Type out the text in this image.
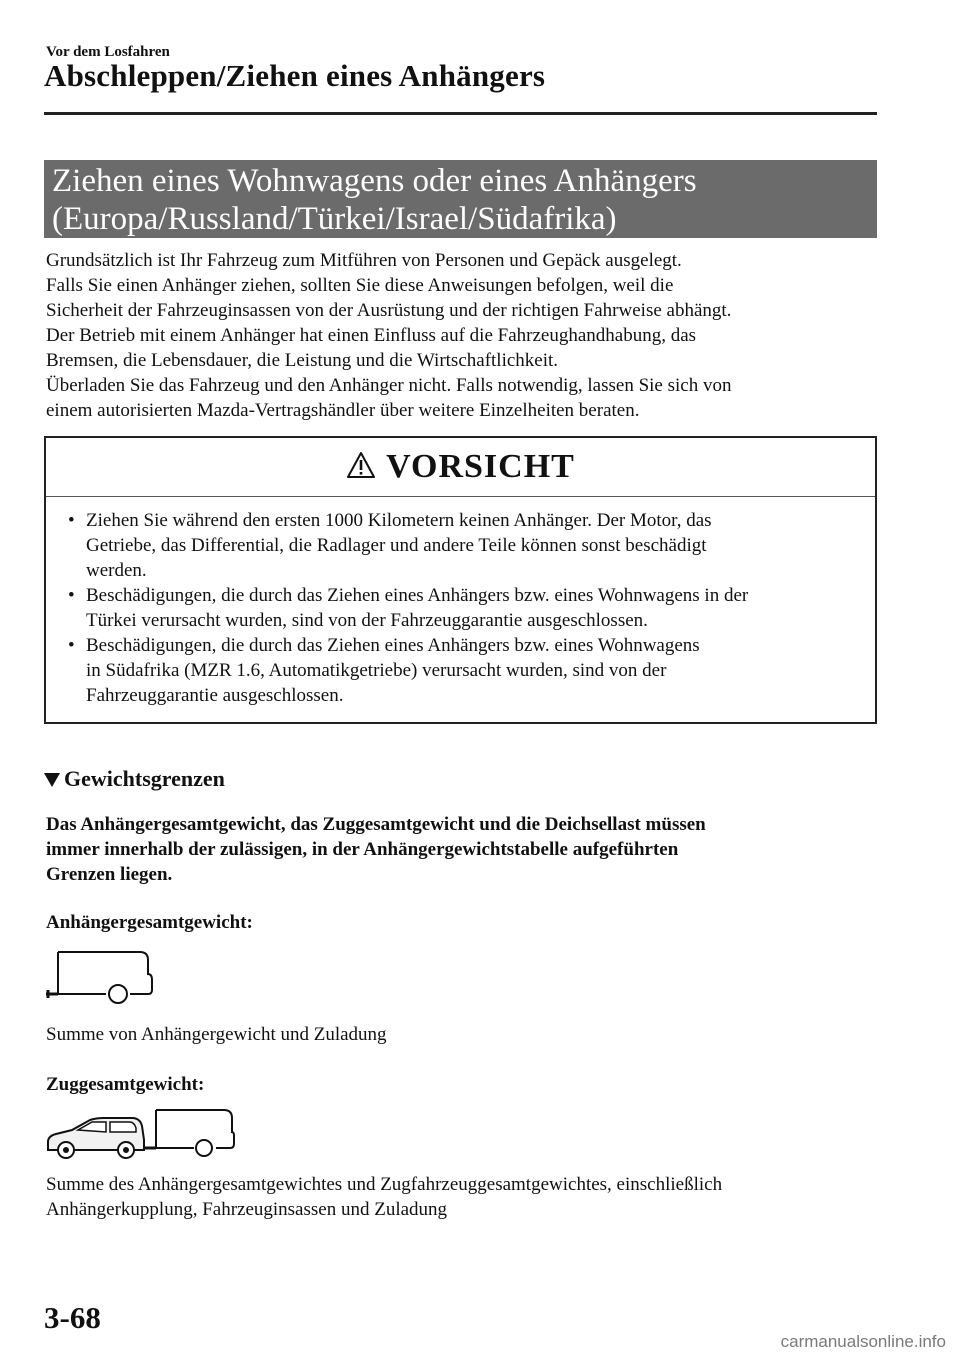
Vor dem Losfahren
Abschleppen/Ziehen eines Anhängers
Ziehen eines Wohnwagens oder eines Anhängers
(Europa/Russland/Türkei/Israel/Südafrika)

Grundsätzlich ist Ihr Fahrzeug zum Mitführen von Personen und Gepäck ausgelegt.

Falls Sie einen Anhänger ziehen, sollten Sie diese Anweisungen befolgen, weil die

Sicherheit der Fahrzeuginsassen von der Ausrüstung und der richtigen Fahrweise abhängt.

Der Betrieb mit einem Anhänger hat einen Einfluss auf die Fahrzeughandhabung, das

Bremsen, die Lebensdauer, die Leistung und die Wirtschaftlichkeit.

Überladen Sie das Fahrzeug und den Anhänger nicht. Falls notwendig, lassen Sie sich von

einem autorisierten Mazda-Vertragshändler über weitere Einzelheiten beraten.

VORSICHT
• Ziehen Sie während den ersten 1000 Kilometern keinen Anhänger. Der Motor, das
Getriebe, das Differential, die Radlager und andere Teile können sonst beschädigt
werden.
• Beschädigungen, die durch das Ziehen eines Anhängers bzw. eines Wohnwagens in der
Türkei verursacht wurden, sind von der Fahrzeuggarantie ausgeschlossen.
• Beschädigungen, die durch das Ziehen eines Anhängers bzw. eines Wohnwagens
in Südafrika (MZR 1.6, Automatikgetriebe) verursacht wurden, sind von der
Fahrzeuggarantie ausgeschlossen.
Gewichtsgrenzen
Das Anhängergesamtgewicht, das Zuggesamtgewicht und die Deichsellast müssen
immer innerhalb der zulässigen, in der Anhängergewichtstabelle aufgeführten
Grenzen liegen.
Anhängergesamtgewicht:
Summe von Anhängergewicht und Zuladung
Zuggesamtgewicht:
Summe des Anhängergesamtgewichtes und Zugfahrzeuggesamtgewichtes, einschließlich
Anhängerkupplung, Fahrzeuginsassen und Zuladung
3-68
carmanualsonline.info
